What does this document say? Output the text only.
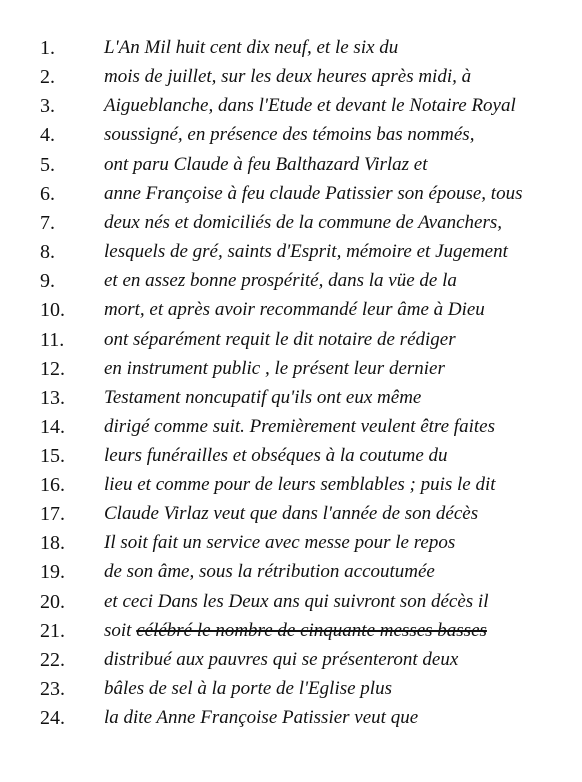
1.	L'An Mil huit cent dix neuf, et le six du
2.	mois de juillet, sur les deux heures après midi, à
3.	Aigueblanche, dans l'Etude et devant le Notaire Royal
4.	soussigné, en présence des témoins bas nommés,
5.	ont paru Claude à feu Balthazard Virlaz et
6.	anne Françoise à feu claude Patissier son épouse, tous
7.	deux nés et domiciliés de la commune de Avanchers,
8.	lesquels de gré, saints d'Esprit, mémoire et Jugement
9.	et en assez bonne prospérité, dans la vüe de la
10.	mort, et après avoir recommandé leur âme à Dieu
11.	ont séparément requit le dit notaire de rédiger
12.	en instrument public , le présent leur dernier
13.	Testament noncupatif qu'ils ont eux même
14.	dirigé comme suit. Premièrement veulent être faites
15.	leurs funérailles et obséques à la coutume du
16.	lieu et comme pour de leurs semblables ; puis le dit
17.	Claude Virlaz veut que dans l'année de son décès
18.	Il soit fait un service avec messe pour le repos
19.	de son âme, sous la rétribution accoutumée
20.	et ceci Dans les Deux ans qui suivront son décès il
21.	soit célébré le nombre de cinquante messes basses
22.	distribué aux pauvres qui se présenteront deux
23.	bâles de sel à la porte de l'Eglise plus
24.	la dite Anne Françoise Patissier veut que
